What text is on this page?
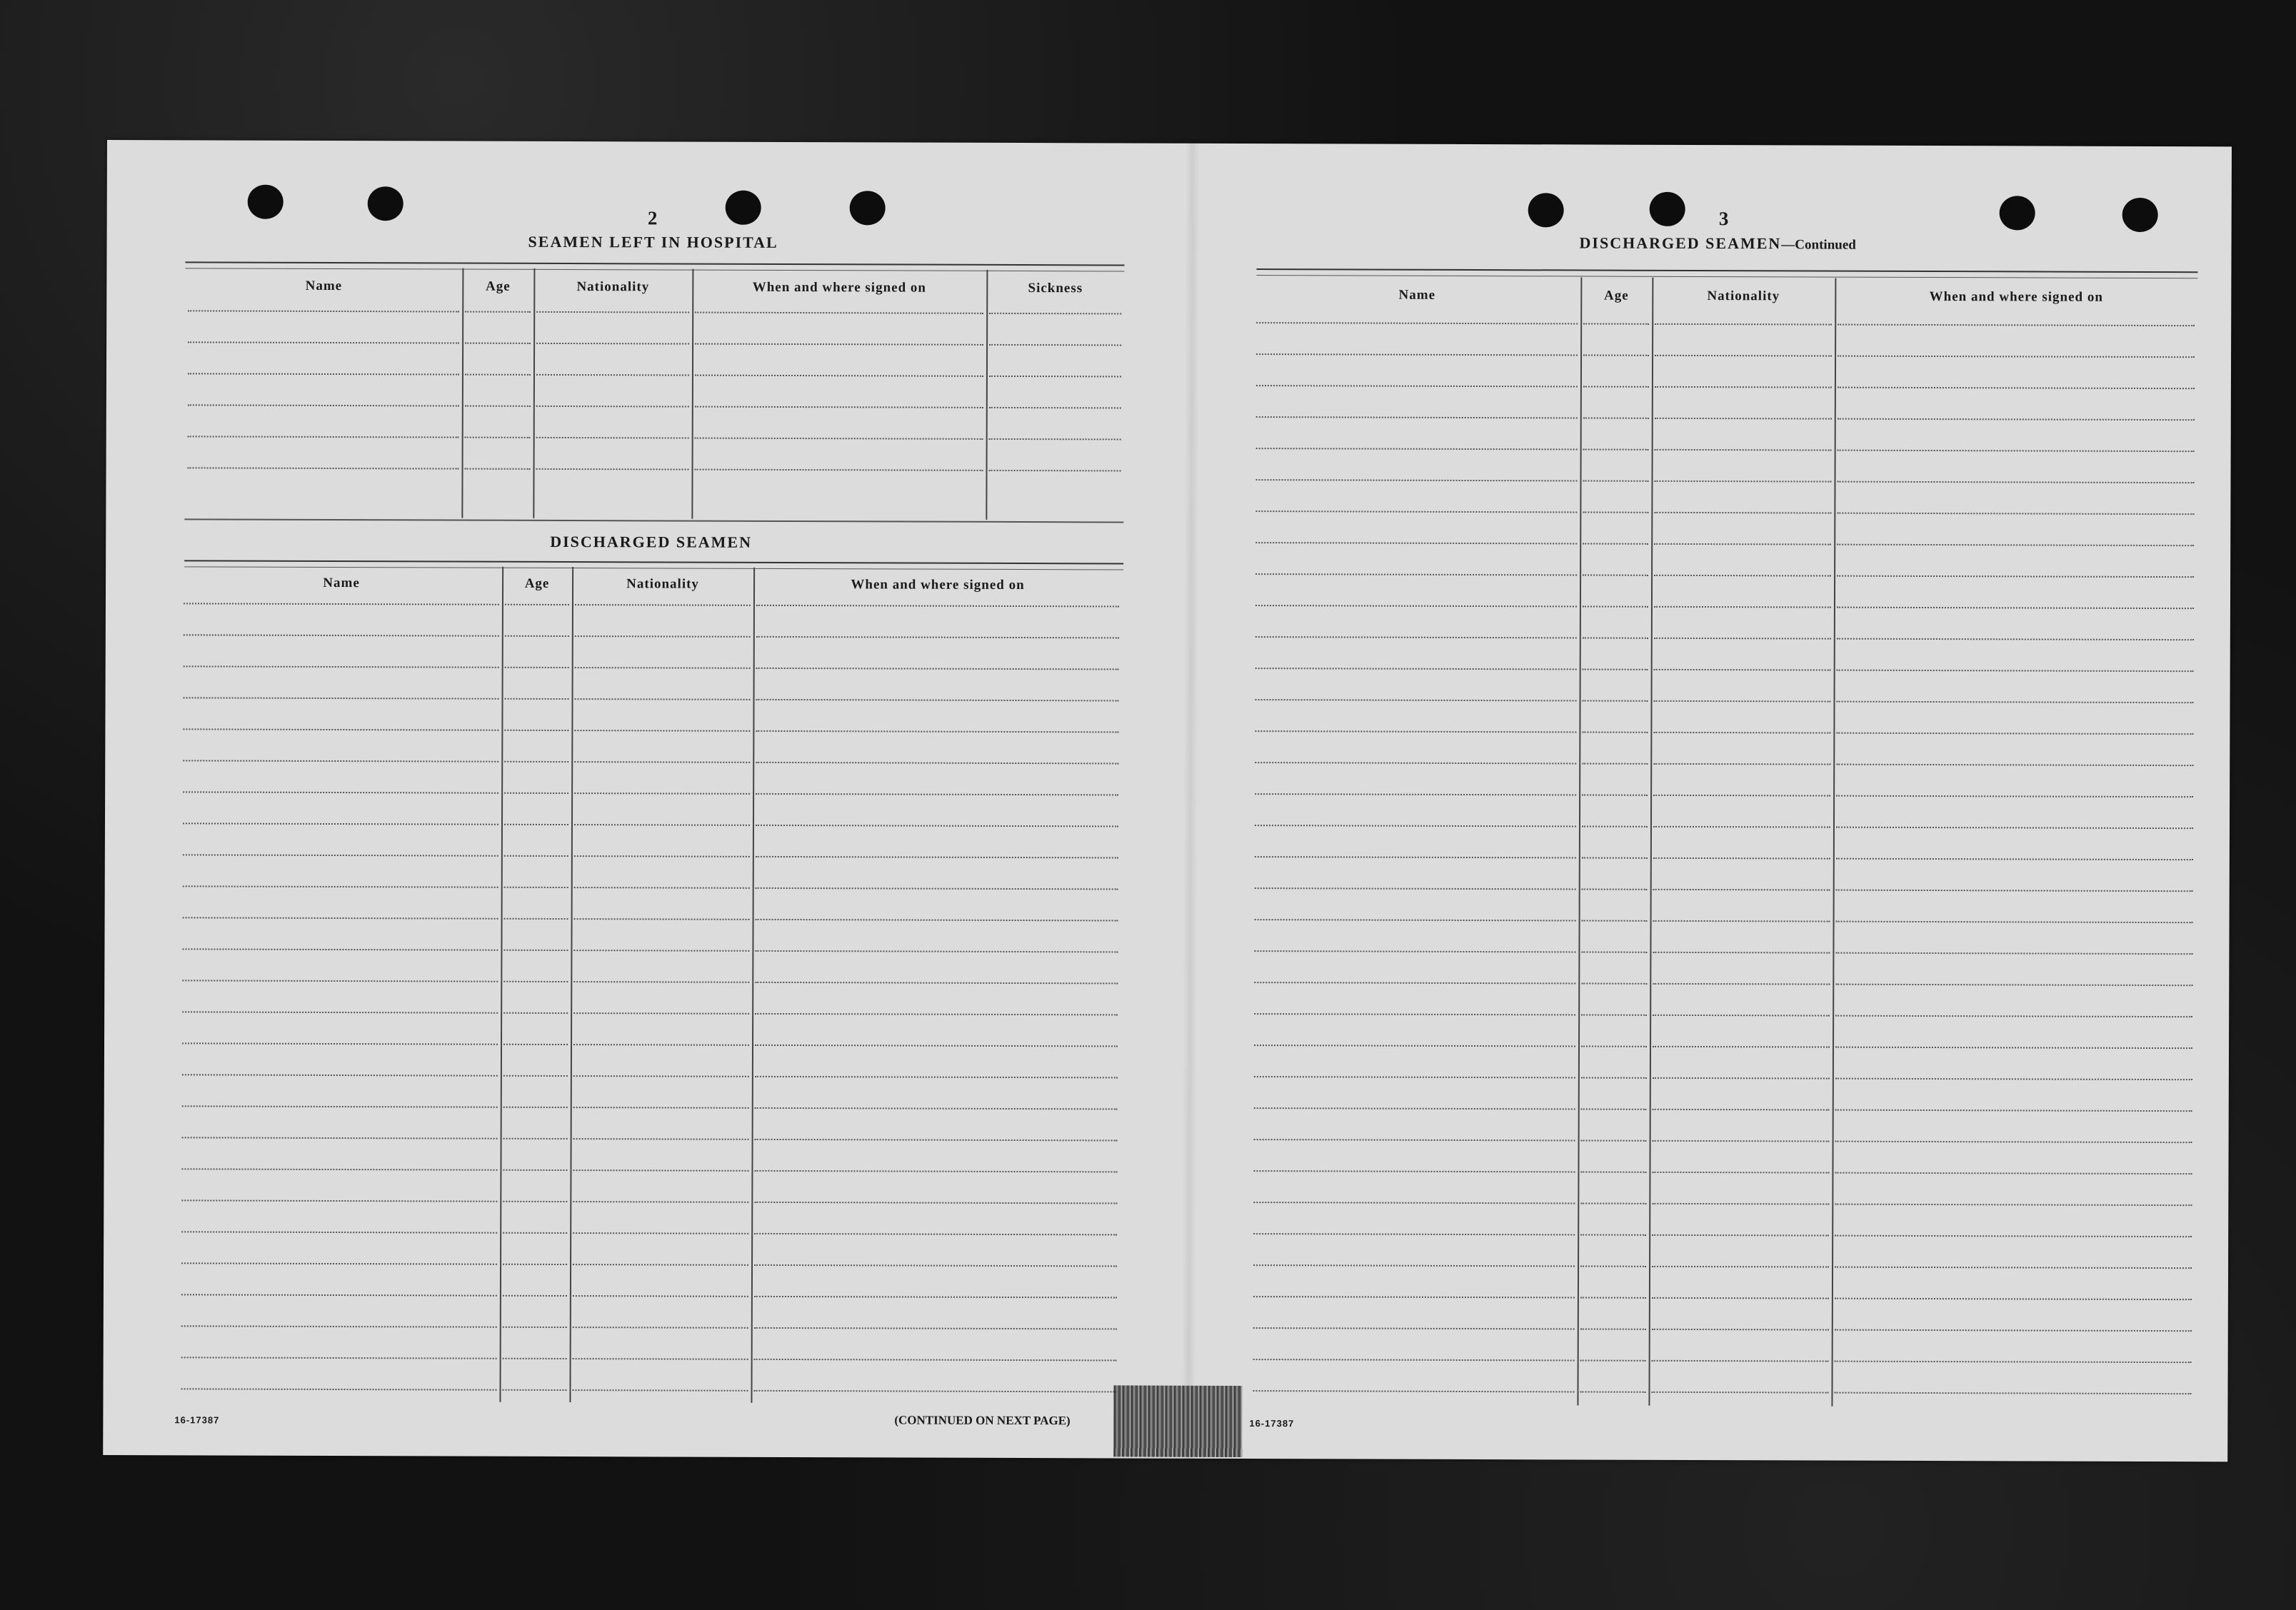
2
SEAMEN LEFT IN HOSPITAL
Name	Age	Nationality	When and where signed on	Sickness
DISCHARGED SEAMEN
Name	Age	Nationality	When and where signed on
16-17387	(CONTINUED ON NEXT PAGE)
3
DISCHARGED SEAMEN—Continued
Name	Age	Nationality	When and where signed on
16-17387
